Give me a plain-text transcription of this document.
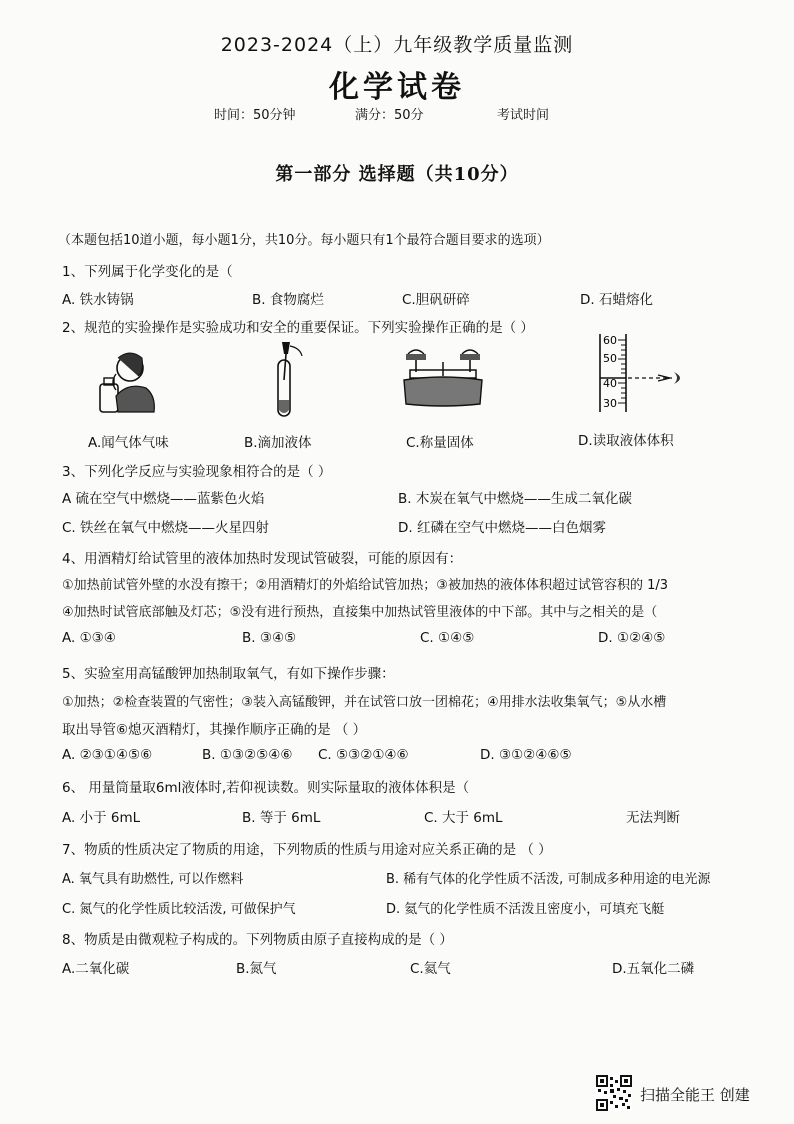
2023-2024（上）九年级教学质量监测
化学试卷
时间：50分钟	满分：50分	考试时间
第一部分 选择题（共10分）
（本题包括10道小题，每小题1分，共10分。每小题只有1个最符合题目要求的选项）
1、下列属于化学变化的是（
A. 铁水铸锅	B. 食物腐烂	C.胆矾研碎	D. 石蜡熔化
2、规范的实验操作是实验成功和安全的重要保证。下列实验操作正确的是（ ）
60
50
40
30
A.闻气体气味	B.滴加液体	C.称量固体	D.读取液体体积
3、下列化学反应与实验现象相符合的是（ ）
A 硫在空气中燃烧——蓝紫色火焰	B. 木炭在氧气中燃烧——生成二氧化碳
C. 铁丝在氧气中燃烧——火星四射	D. 红磷在空气中燃烧——白色烟雾
4、用酒精灯给试管里的液体加热时发现试管破裂，可能的原因有：
①加热前试管外壁的水没有擦干；②用酒精灯的外焰给试管加热；③被加热的液体体积超过试管容积的 1/3
④加热时试管底部触及灯芯；⑤没有进行预热，直接集中加热试管里液体的中下部。其中与之相关的是（
A. ①③④	B. ③④⑤	C. ①④⑤	D. ①②④⑤
5、实验室用高锰酸钾加热制取氧气，有如下操作步骤：
①加热；②检查装置的气密性；③装入高锰酸钾，并在试管口放一团棉花；④用排水法收集氧气；⑤从水槽
取出导管⑥熄灭酒精灯，其操作顺序正确的是 （ ）
A. ②③①④⑤⑥	B. ①③②⑤④⑥ C. ⑤③②①④⑥	D. ③①②④⑥⑤
6、 用量筒量取6ml液体时,若仰视读数。则实际量取的液体体积是（
A. 小于 6mL	B. 等于 6mL	C. 大于 6mL	无法判断
7、物质的性质决定了物质的用途，下列物质的性质与用途对应关系正确的是 （ ）
A. 氧气具有助燃性, 可以作燃料	B. 稀有气体的化学性质不活泼, 可制成多种用途的电光源
C. 氮气的化学性质比较活泼, 可做保护气	D. 氦气的化学性质不活泼且密度小，可填充飞艇
8、物质是由微观粒子构成的。下列物质由原子直接构成的是（ ）
A.二氧化碳	B.氮气	C.氦气	D.五氧化二磷
扫描全能王 创建
